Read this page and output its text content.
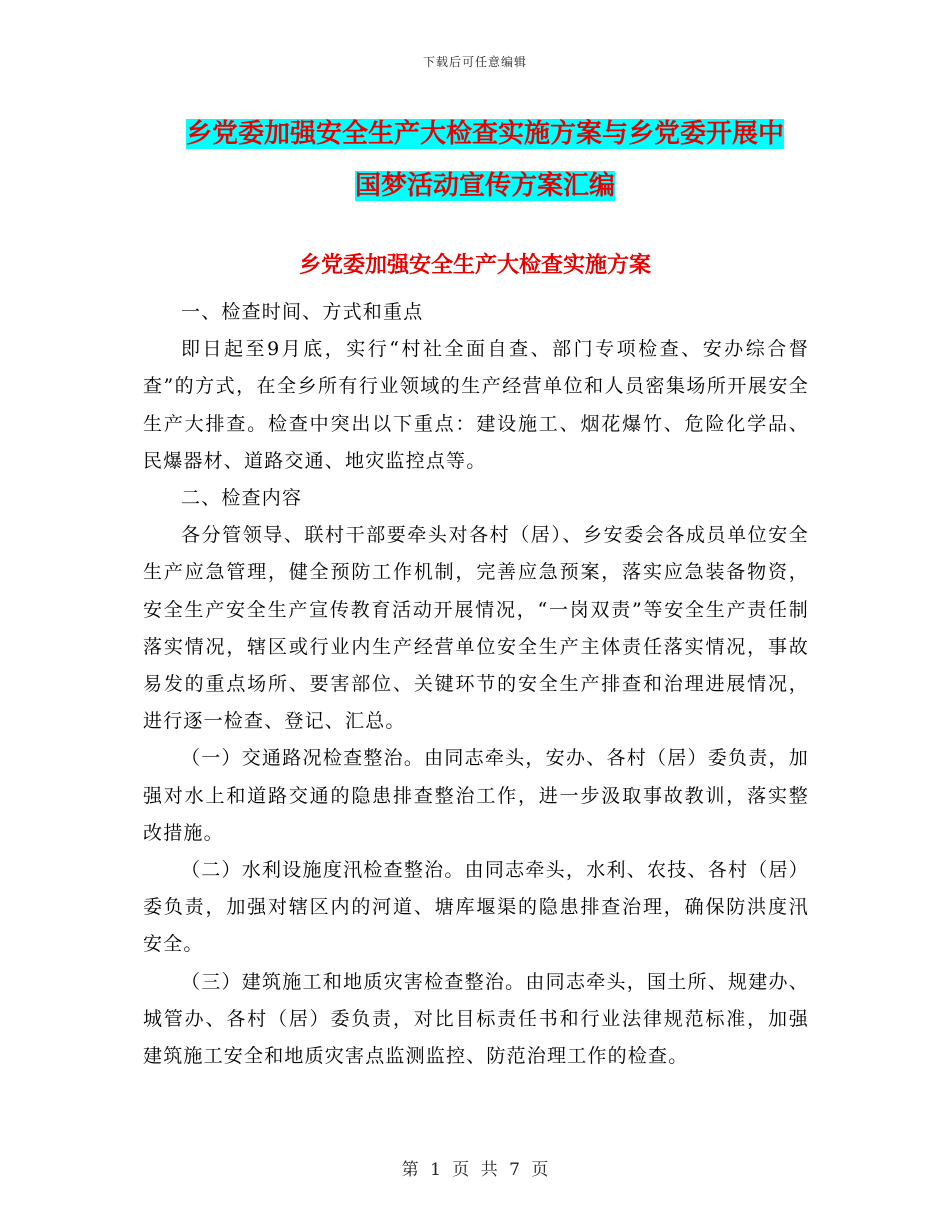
下载后可任意编辑
乡党委加强安全生产大检查实施方案与乡党委开展中
国梦活动宣传方案汇编
乡党委加强安全生产大检查实施方案

一、检查时间、方式和重点

即日起至9月底，实行“村社全面自查、部门专项检查、安办综合督查”的方式，在全乡所有行业领域的生产经营单位和人员密集场所开展安全生产大排查。检查中突出以下重点：建设施工、烟花爆竹、危险化学品、民爆器材、道路交通、地灾监控点等。

二、检查内容

各分管领导、联村干部要牵头对各村（居）、乡安委会各成员单位安全生产应急管理，健全预防工作机制，完善应急预案，落实应急装备物资，安全生产安全生产宣传教育活动开展情况，“一岗双责”等安全生产责任制落实情况，辖区或行业内生产经营单位安全生产主体责任落实情况，事故易发的重点场所、要害部位、关键环节的安全生产排查和治理进展情况，进行逐一检查、登记、汇总。

（一）交通路况检查整治。由同志牵头，安办、各村（居）委负责，加强对水上和道路交通的隐患排查整治工作，进一步汲取事故教训，落实整改措施。

（二）水利设施度汛检查整治。由同志牵头，水利、农技、各村（居）委负责，加强对辖区内的河道、塘库堰渠的隐患排查治理，确保防洪度汛安全。

（三）建筑施工和地质灾害检查整治。由同志牵头，国土所、规建办、城管办、各村（居）委负责，对比目标责任书和行业法律规范标准，加强建筑施工安全和地质灾害点监测监控、防范治理工作的检查。

第 1 页 共 7 页
